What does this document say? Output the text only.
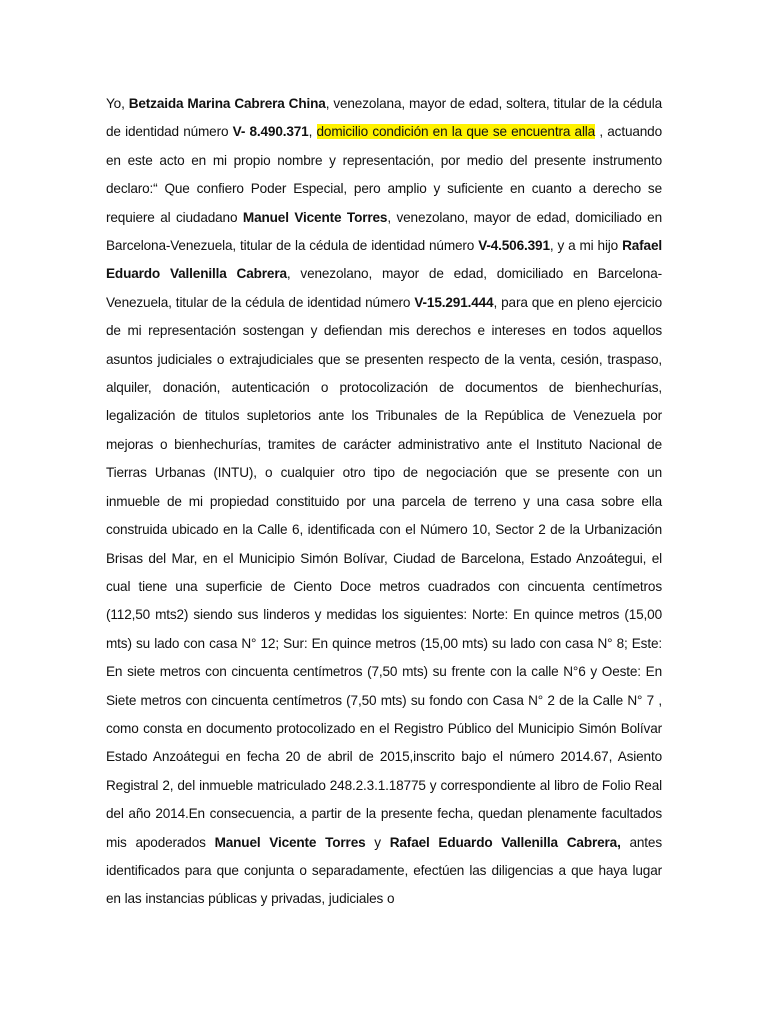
Yo, Betzaida Marina Cabrera China, venezolana, mayor de edad, soltera, titular de la cédula de identidad número V- 8.490.371, domicilio condición en la que se encuentra alla , actuando en este acto en mi propio nombre y representación, por medio del presente instrumento declaro:“ Que confiero Poder Especial, pero amplio y suficiente en cuanto a derecho se requiere al ciudadano Manuel Vicente Torres, venezolano, mayor de edad, domiciliado en Barcelona-Venezuela, titular de la cédula de identidad número V-4.506.391, y a mi hijo Rafael Eduardo Vallenilla Cabrera, venezolano, mayor de edad, domiciliado en Barcelona-Venezuela, titular de la cédula de identidad número V-15.291.444, para que en pleno ejercicio de mi representación sostengan y defiendan mis derechos e intereses en todos aquellos asuntos judiciales o extrajudiciales que se presenten respecto de la venta, cesión, traspaso, alquiler, donación, autenticación o protocolización de documentos de bienhechurías, legalización de titulos supletorios ante los Tribunales de la República de Venezuela por mejoras o bienhechurías, tramites de carácter administrativo ante el Instituto Nacional de Tierras Urbanas (INTU), o cualquier otro tipo de negociación que se presente con un inmueble de mi propiedad constituido por una parcela de terreno y una casa sobre ella construida ubicado en la Calle 6, identificada con el Número 10, Sector 2 de la Urbanización Brisas del Mar, en el Municipio Simón Bolívar, Ciudad de Barcelona, Estado Anzoátegui, el cual tiene una superficie de Ciento Doce metros cuadrados con cincuenta centímetros (112,50 mts2) siendo sus linderos y medidas los siguientes: Norte: En quince metros (15,00 mts) su lado con casa N° 12; Sur: En quince metros (15,00 mts) su lado con casa N° 8; Este: En siete metros con cincuenta centímetros (7,50 mts) su frente con la calle N°6 y Oeste: En Siete metros con cincuenta centímetros (7,50 mts) su fondo con Casa N° 2 de la Calle N° 7 , como consta en documento protocolizado en el Registro Público del Municipio Simón Bolívar Estado Anzoátegui en fecha 20 de abril de 2015,inscrito bajo el número 2014.67, Asiento Registral 2, del inmueble matriculado 248.2.3.1.18775 y correspondiente al libro de Folio Real del año 2014.En consecuencia, a partir de la presente fecha, quedan plenamente facultados mis apoderados Manuel Vicente Torres y Rafael Eduardo Vallenilla Cabrera, antes identificados para que conjunta o separadamente, efectúen las diligencias a que haya lugar en las instancias públicas y privadas, judiciales o
